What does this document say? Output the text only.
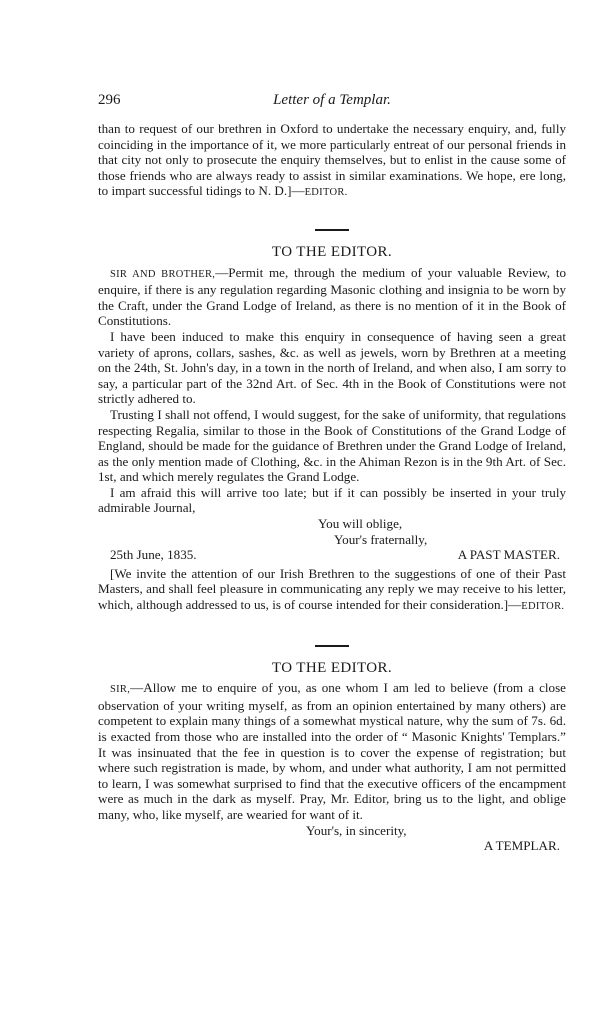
296	Letter of a Templar.

than to request of our brethren in Oxford to undertake the necessary enquiry, and, fully coinciding in the importance of it, we more particularly entreat of our personal friends in that city not only to prosecute the enquiry themselves, but to enlist in the cause some of those friends who are always ready to assist in similar examinations. We hope, ere long, to impart successful tidings to N. D.]—EDITOR.

TO THE EDITOR.

SIR AND BROTHER,—Permit me, through the medium of your valuable Review, to enquire, if there is any regulation regarding Masonic clothing and insignia to be worn by the Craft, under the Grand Lodge of Ireland, as there is no mention of it in the Book of Constitutions.

I have been induced to make this enquiry in consequence of having seen a great variety of aprons, collars, sashes, &c. as well as jewels, worn by Brethren at a meeting on the 24th, St. John's day, in a town in the north of Ireland, and when also, I am sorry to say, a particular part of the 32nd Art. of Sec. 4th in the Book of Constitutions were not strictly adhered to.

Trusting I shall not offend, I would suggest, for the sake of uniformity, that regulations respecting Regalia, similar to those in the Book of Constitutions of the Grand Lodge of England, should be made for the guidance of Brethren under the Grand Lodge of Ireland, as the only mention made of Clothing, &c. in the Ahiman Rezon is in the 9th Art. of Sec. 1st, and which merely regulates the Grand Lodge.

I am afraid this will arrive too late; but if it can possibly be inserted in your truly admirable Journal,

You will oblige,
Your's fraternally,
25th June, 1835.	A PAST MASTER.

[We invite the attention of our Irish Brethren to the suggestions of one of their Past Masters, and shall feel pleasure in communicating any reply we may receive to his letter, which, although addressed to us, is of course intended for their consideration.]—EDITOR.

TO THE EDITOR.

SIR,—Allow me to enquire of you, as one whom I am led to believe (from a close observation of your writing myself, as from an opinion entertained by many others) are competent to explain many things of a somewhat mystical nature, why the sum of 7s. 6d. is exacted from those who are installed into the order of “ Masonic Knights' Templars.” It was insinuated that the fee in question is to cover the expense of registration; but where such registration is made, by whom, and under what authority, I am not permitted to learn, I was somewhat surprised to find that the executive officers of the encampment were as much in the dark as myself. Pray, Mr. Editor, bring us to the light, and oblige many, who, like myself, are wearied for want of it.

Your's, in sincerity,
A TEMPLAR.
